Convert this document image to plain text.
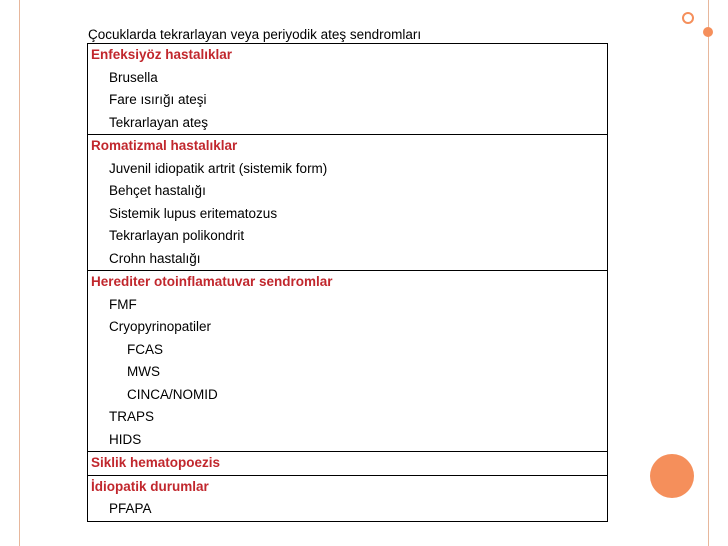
Çocuklarda tekrarlayan veya periyodik ateş sendromları
Enfeksiyöz hastalıklar
Brusella
Fare ısırığı ateşi
Tekrarlayan ateş
Romatizmal hastalıklar
Juvenil idiopatik artrit (sistemik form)
Behçet hastalığı
Sistemik lupus eritematozus
Tekrarlayan polikondrit
Crohn hastalığı
Herediter otoinflamatuvar sendromlar
FMF
Cryopyrinopatiler
FCAS
MWS
CINCA/NOMID
TRAPS
HIDS
Siklik hematopoezis
İdiopatik durumlar
PFAPA
